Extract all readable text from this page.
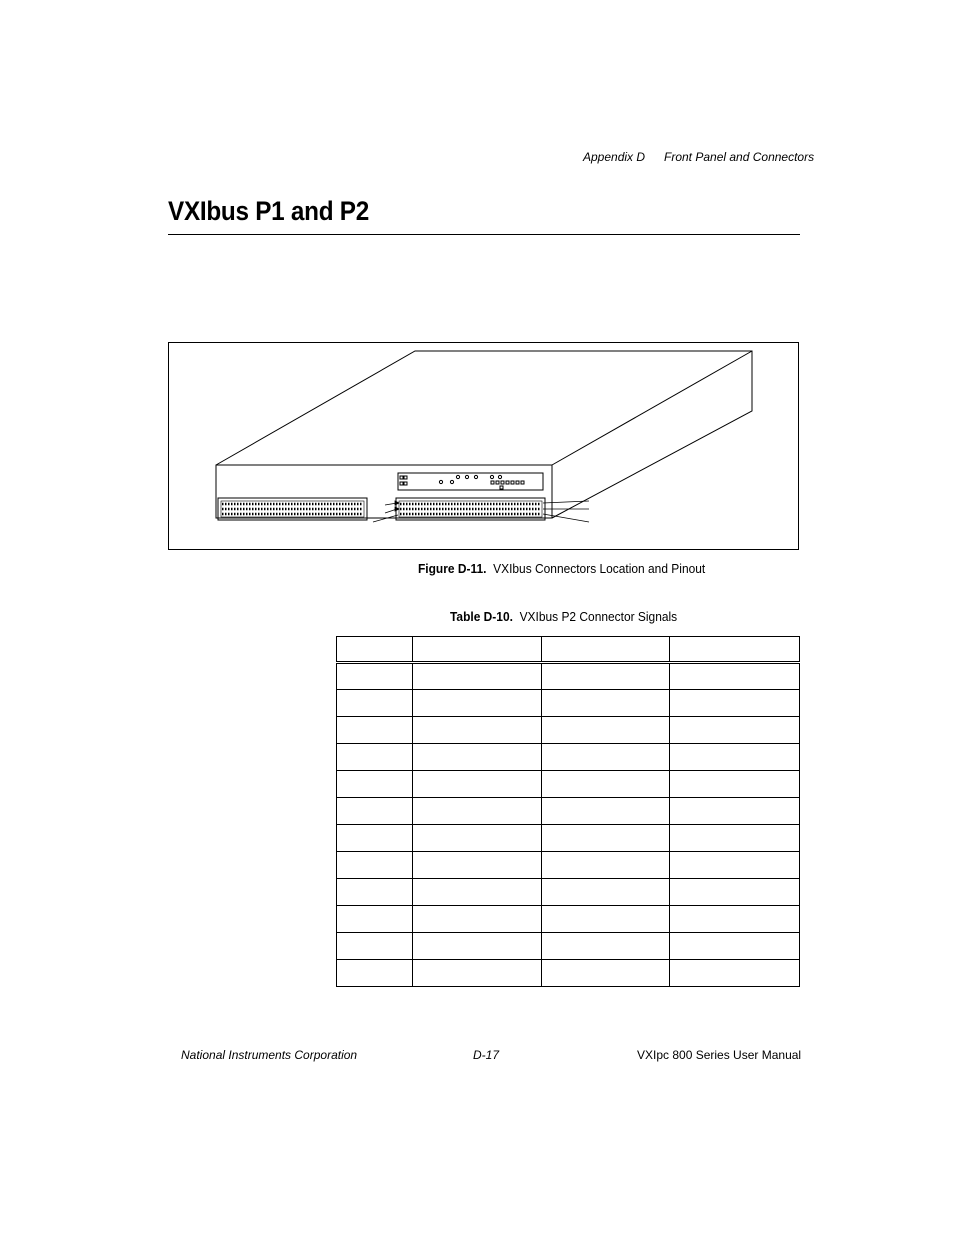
Appendix D Front Panel and Connectors
VXIbus P1 and P2
Figure D-11. VXIbus Connectors Location and Pinout
Table D-10. VXIbus P2 Connector Signals

National Instruments Corporation	D-17	VXIpc 800 Series User Manual
